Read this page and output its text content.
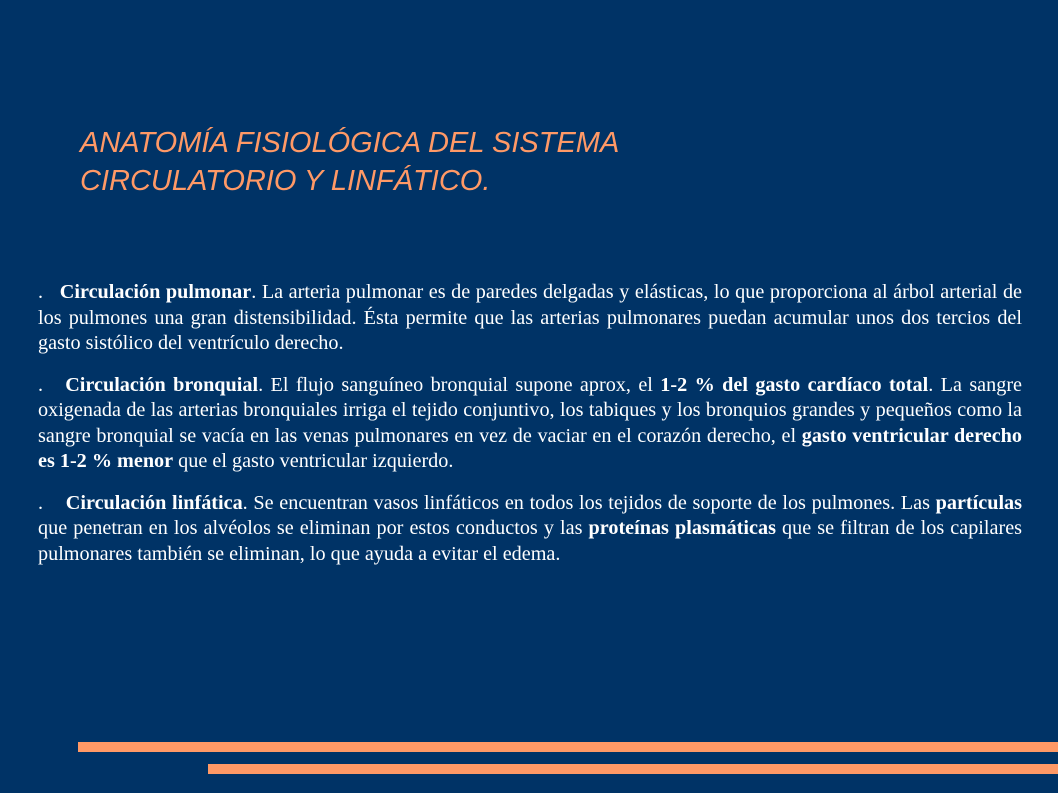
ANATOMÍA FISIOLÓGICA DEL SISTEMA
CIRCULATORIO Y LINFÁTICO.

.   Circulación pulmonar. La arteria pulmonar es de paredes delgadas y elásticas, lo que proporciona al árbol arterial de los pulmones una gran distensibilidad. Ésta permite que las arterias pulmonares puedan acumular unos dos tercios del gasto sistólico del ventrículo derecho.

.   Circulación bronquial. El flujo sanguíneo bronquial supone aprox, el 1-2 % del gasto cardíaco total. La sangre oxigenada de las arterias bronquiales irriga el tejido conjuntivo, los tabiques y los bronquios grandes y pequeños como la sangre bronquial se vacía en las venas pulmonares en vez de vaciar en el corazón derecho, el gasto ventricular derecho es 1-2 % menor que el gasto ventricular izquierdo.

.    Circulación linfática. Se encuentran vasos linfáticos en todos los tejidos de soporte de los pulmones. Las partículas que penetran en los alvéolos se eliminan por estos conductos y las proteínas plasmáticas que se filtran de los capilares pulmonares también se eliminan, lo que ayuda a evitar el edema.
